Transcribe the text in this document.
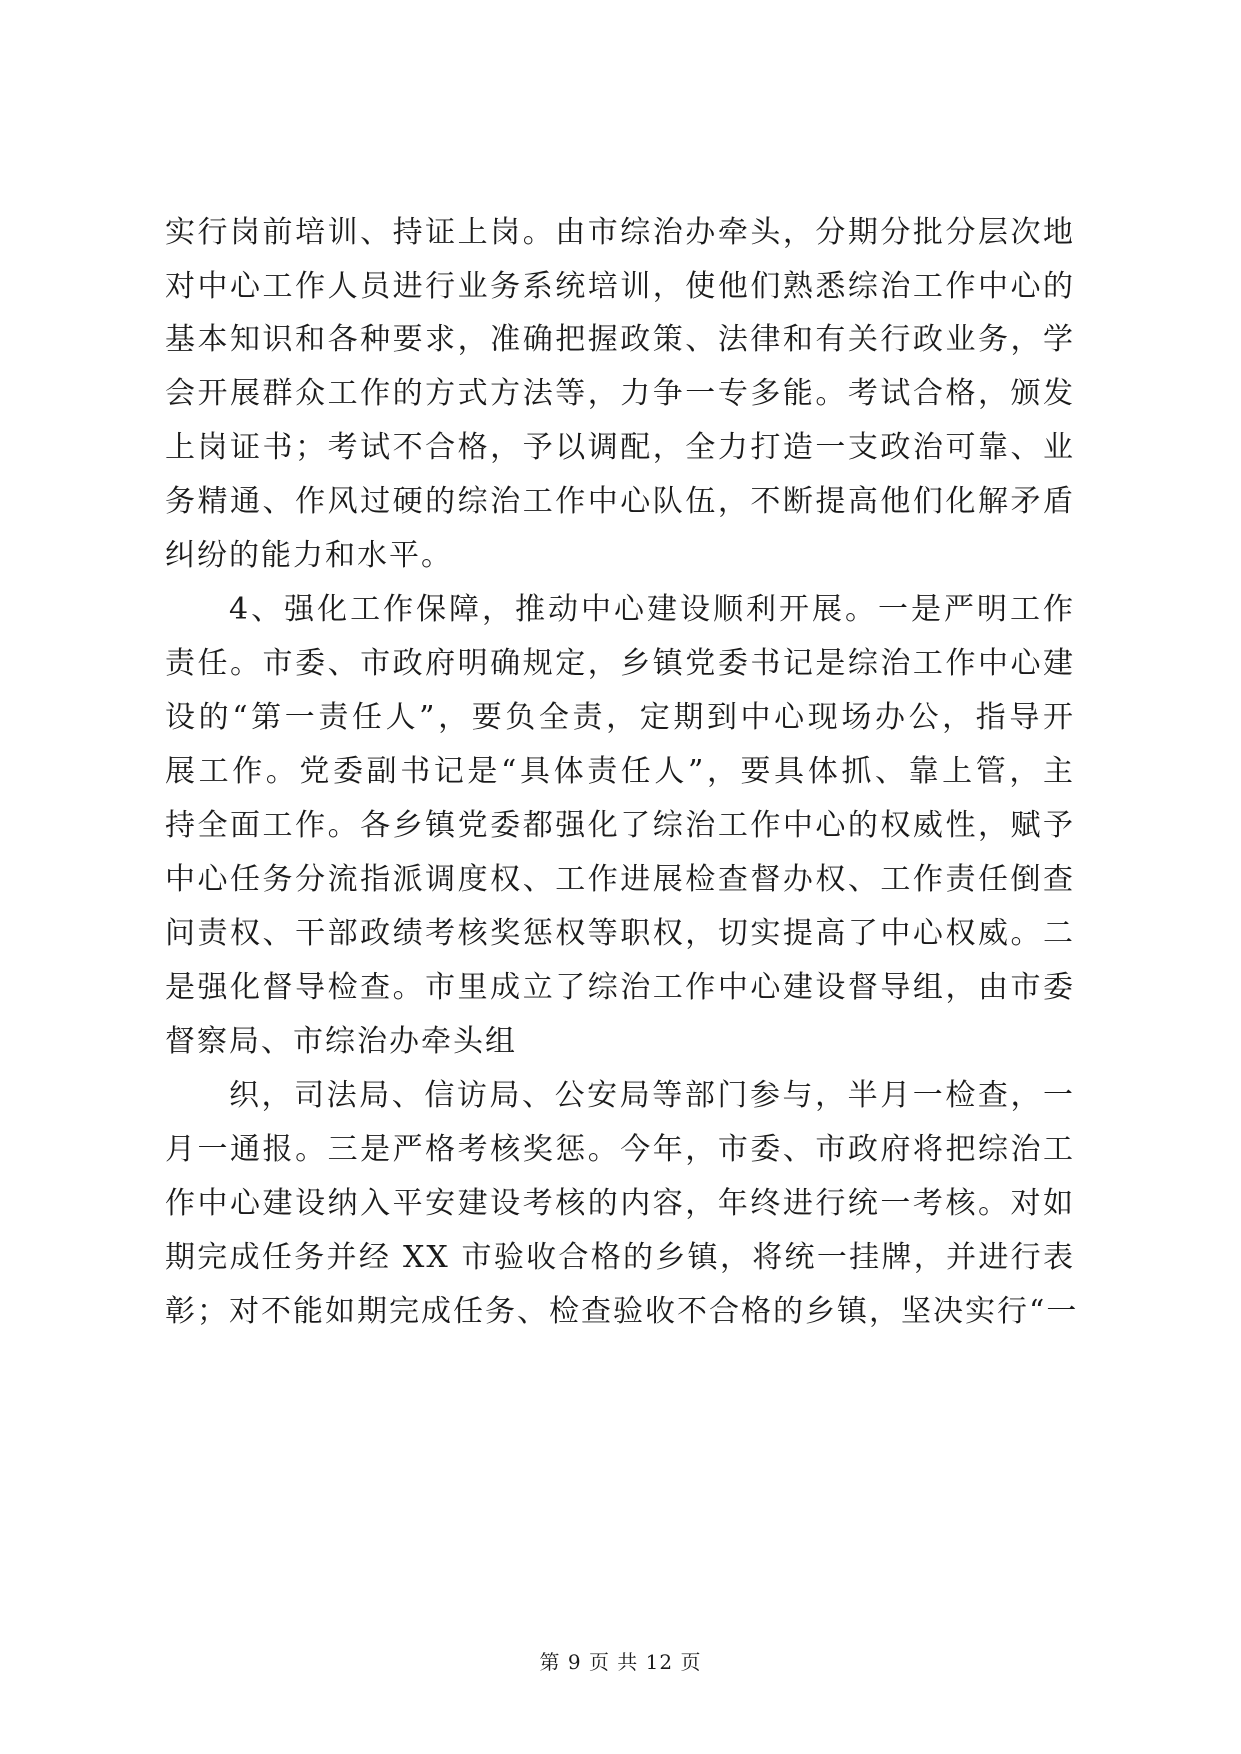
实行岗前培训、持证上岗。由市综治办牵头，分期分批分层次地
对中心工作人员进行业务系统培训，使他们熟悉综治工作中心的
基本知识和各种要求，准确把握政策、法律和有关行政业务，学
会开展群众工作的方式方法等，力争一专多能。考试合格，颁发
上岗证书；考试不合格，予以调配，全力打造一支政治可靠、业
务精通、作风过硬的综治工作中心队伍，不断提高他们化解矛盾
纠纷的能力和水平。
4、强化工作保障，推动中心建设顺利开展。一是严明工作
责任。市委、市政府明确规定，乡镇党委书记是综治工作中心建
设的“第一责任人”，要负全责，定期到中心现场办公，指导开
展工作。党委副书记是“具体责任人”，要具体抓、靠上管，主
持全面工作。各乡镇党委都强化了综治工作中心的权威性，赋予
中心任务分流指派调度权、工作进展检查督办权、工作责任倒查
问责权、干部政绩考核奖惩权等职权，切实提高了中心权威。二
是强化督导检查。市里成立了综治工作中心建设督导组，由市委
督察局、市综治办牵头组
织，司法局、信访局、公安局等部门参与，半月一检查，一
月一通报。三是严格考核奖惩。今年，市委、市政府将把综治工
作中心建设纳入平安建设考核的内容，年终进行统一考核。对如
期完成任务并经 XX 市验收合格的乡镇，将统一挂牌，并进行表
彰；对不能如期完成任务、检查验收不合格的乡镇，坚决实行“一
第 9 页 共 12 页
